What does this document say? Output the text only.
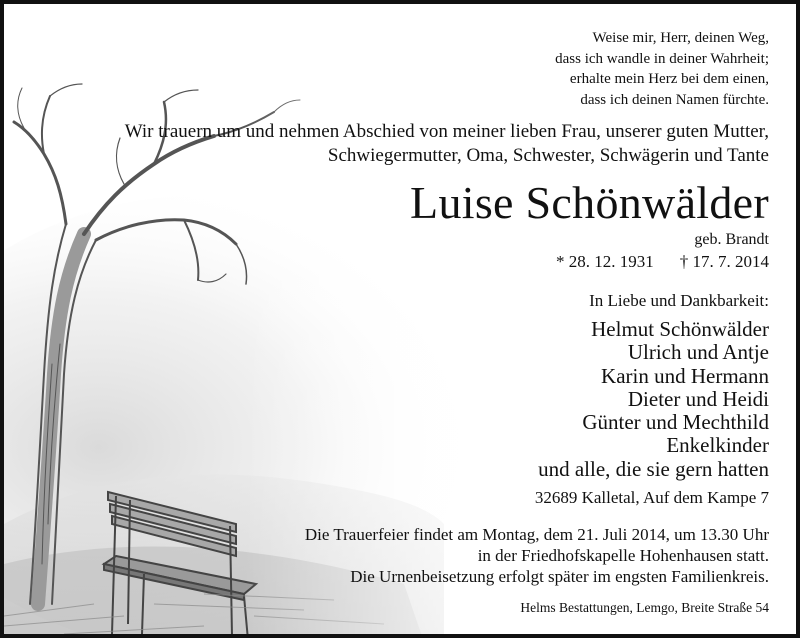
Weise mir, Herr, deinen Weg,
dass ich wandle in deiner Wahrheit;
erhalte mein Herz bei dem einen,
dass ich deinen Namen fürchte.
Wir trauern um und nehmen Abschied von meiner lieben Frau, unserer guten Mutter,
Schwiegermutter, Oma, Schwester, Schwägerin und Tante
Luise Schönwälder
geb. Brandt
* 28. 12. 1931 † 17. 7. 2014
In Liebe und Dankbarkeit:
Helmut Schönwälder
Ulrich und Antje
Karin und Hermann
Dieter und Heidi
Günter und Mechthild
Enkelkinder
und alle, die sie gern hatten
32689 Kalletal, Auf dem Kampe 7
Die Trauerfeier findet am Montag, dem 21. Juli 2014, um 13.30 Uhr
in der Friedhofskapelle Hohenhausen statt.
Die Urnenbeisetzung erfolgt später im engsten Familienkreis.
Helms Bestattungen, Lemgo, Breite Straße 54
